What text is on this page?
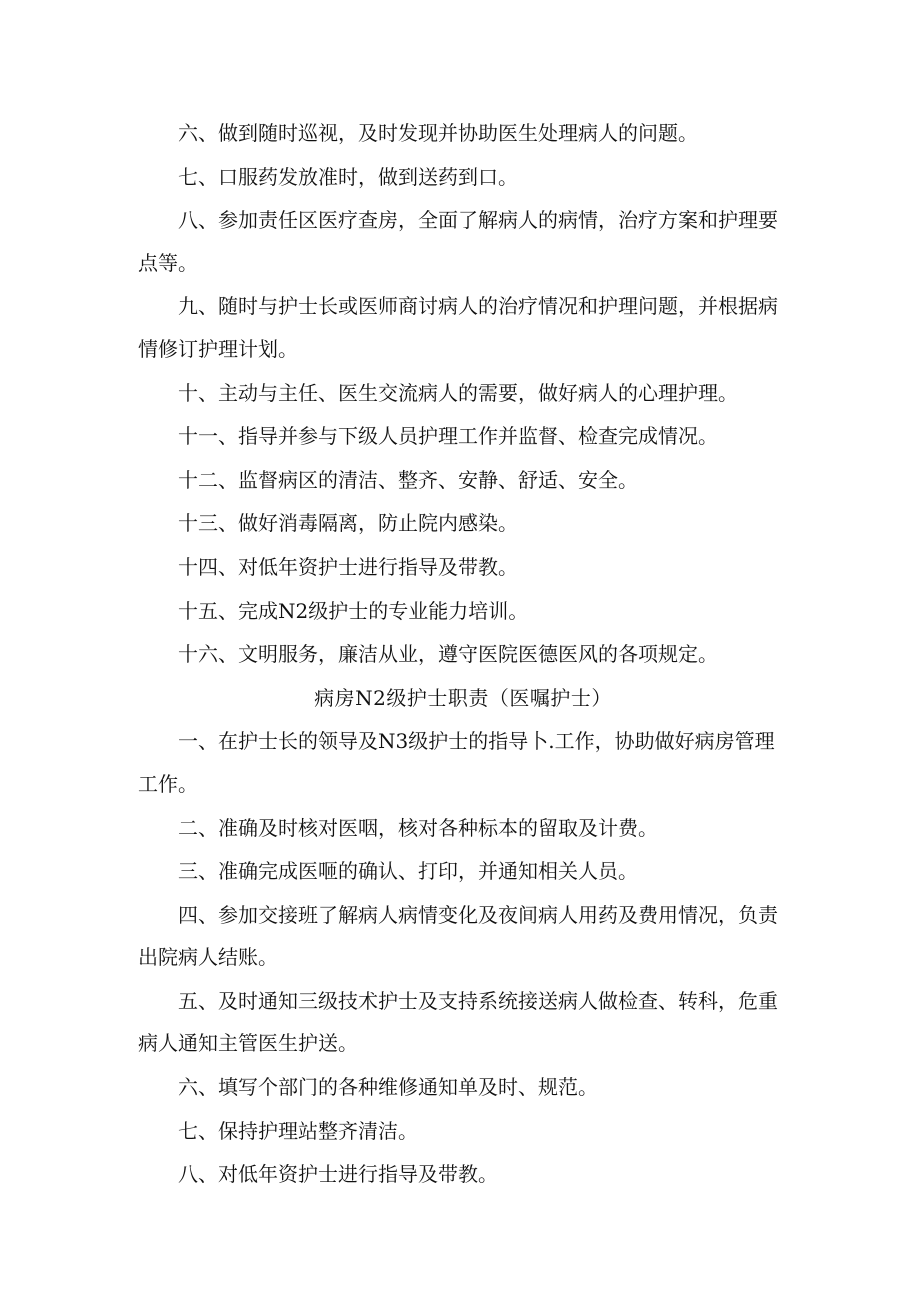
六、做到随时巡视，及时发现并协助医生处理病人的问题。

七、口服药发放准时，做到送药到口。

八、参加责任区医疗查房，全面了解病人的病情，治疗方案和护理要点等。

九、随时与护士长或医师商讨病人的治疗情况和护理问题，并根据病情修订护理计划。

十、主动与主任、医生交流病人的需要，做好病人的心理护理。

十一、指导并参与下级人员护理工作并监督、检查完成情况。

十二、监督病区的清洁、整齐、安静、舒适、安全。

十三、做好消毒隔离，防止院内感染。

十四、对低年资护士进行指导及带教。

十五、完成N2级护士的专业能力培训。

十六、文明服务，廉洁从业，遵守医院医德医风的各项规定。

病房N2级护士职责（医嘱护士）

一、在护士长的领导及N3级护士的指导卜.工作，协助做好病房管理工作。

二、准确及时核对医咽，核对各种标本的留取及计费。

三、准确完成医咂的确认、打印，并通知相关人员。

四、参加交接班了解病人病情变化及夜间病人用药及费用情况，负责出院病人结账。

五、及时通知三级技术护士及支持系统接送病人做检查、转科，危重病人通知主管医生护送。

六、填写个部门的各种维修通知单及时、规范。

七、保持护理站整齐清洁。

八、对低年资护士进行指导及带教。
